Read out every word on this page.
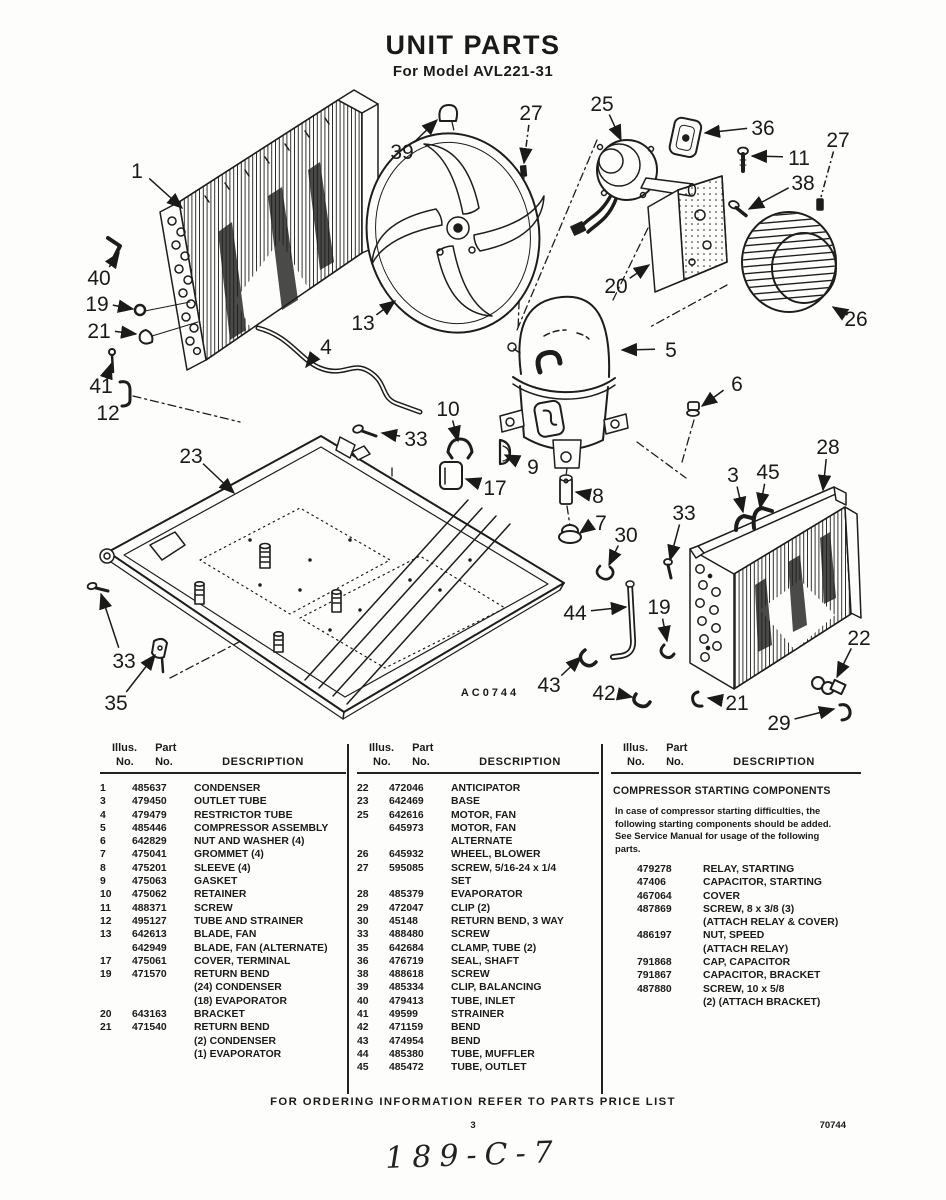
UNIT PARTS
For Model AVL221-31
1
40
19
21
41
12
13
4
39
27 25
36
11
38
27
26
20
5
6
10
33
17
9
8
7
30
33
23
33
35
28
3 45
44	19
43 42	21
22
29
AC0744
Illus. Part
No. No.	DESCRIPTION
1	485637	CONDENSER
3	479450	OUTLET TUBE
4	479479	RESTRICTOR TUBE
5	485446	COMPRESSOR ASSEMBLY
6	642829	NUT AND WASHER (4)
7	475041	GROMMET (4)
8	475201	SLEEVE (4)
9	475063	GASKET
10	475062	RETAINER
11	488371	SCREW
12	495127	TUBE AND STRAINER
13	642613	BLADE, FAN
642949	BLADE, FAN (ALTERNATE)
17	475061	COVER, TERMINAL
19	471570	RETURN BEND
(24) CONDENSER
(18) EVAPORATOR
20	643163	BRACKET
21	471540	RETURN BEND
(2) CONDENSER
(1) EVAPORATOR
Illus. Part
No. No.	DESCRIPTION
22	472046	ANTICIPATOR
23	642469	BASE
25	642616	MOTOR, FAN
645973	MOTOR, FAN
ALTERNATE
26	645932	WHEEL, BLOWER
27	595085	SCREW, 5/16-24 x 1/4
SET
28	485379	EVAPORATOR
29	472047	CLIP (2)
30	45148	RETURN BEND, 3 WAY
33	488480	SCREW
35	642684	CLAMP, TUBE (2)
36	476719	SEAL, SHAFT
38	488618	SCREW
39	485334	CLIP, BALANCING
40	479413	TUBE, INLET
41	49599	STRAINER
42	471159	BEND
43	474954	BEND
44	485380	TUBE, MUFFLER
45	485472	TUBE, OUTLET
Illus. Part
No. No.	DESCRIPTION
COMPRESSOR STARTING COMPONENTS
In case of compressor starting difficulties, the following starting components should be added. See Service Manual for usage of the following parts.
479278	RELAY, STARTING
47406	CAPACITOR, STARTING
467064	COVER
487869	SCREW, 8 x 3/8 (3)
(ATTACH RELAY & COVER)
486197	NUT, SPEED
(ATTACH RELAY)
791868	CAP, CAPACITOR
791867	CAPACITOR, BRACKET
487880	SCREW, 10 x 5/8
(2) (ATTACH BRACKET)
FOR ORDERING INFORMATION REFER TO PARTS PRICE LIST
3	70744
189-C-7
